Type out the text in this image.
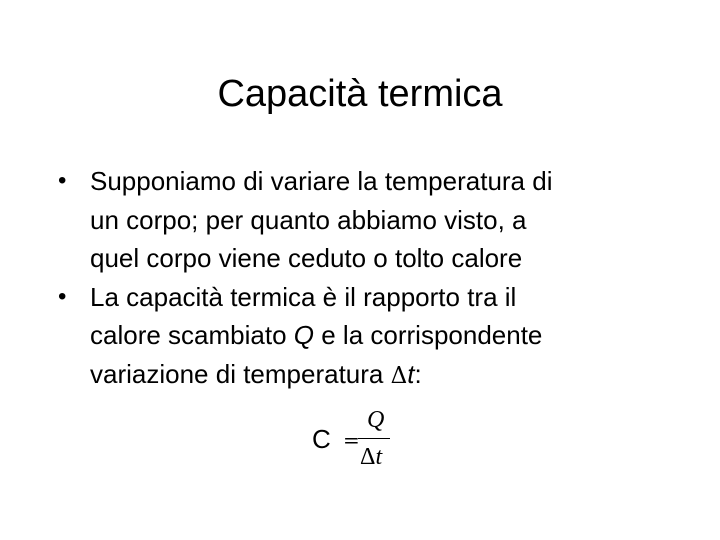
Capacità termica
• Supponiamo di variare la temperatura di
un corpo; per quanto abbiamo visto, a
quel corpo viene ceduto o tolto calore
• La capacità termica è il rapporto tra il
calore scambiato Q e la corrispondente
variazione di temperatura Δt:
C =
Q
Δt
